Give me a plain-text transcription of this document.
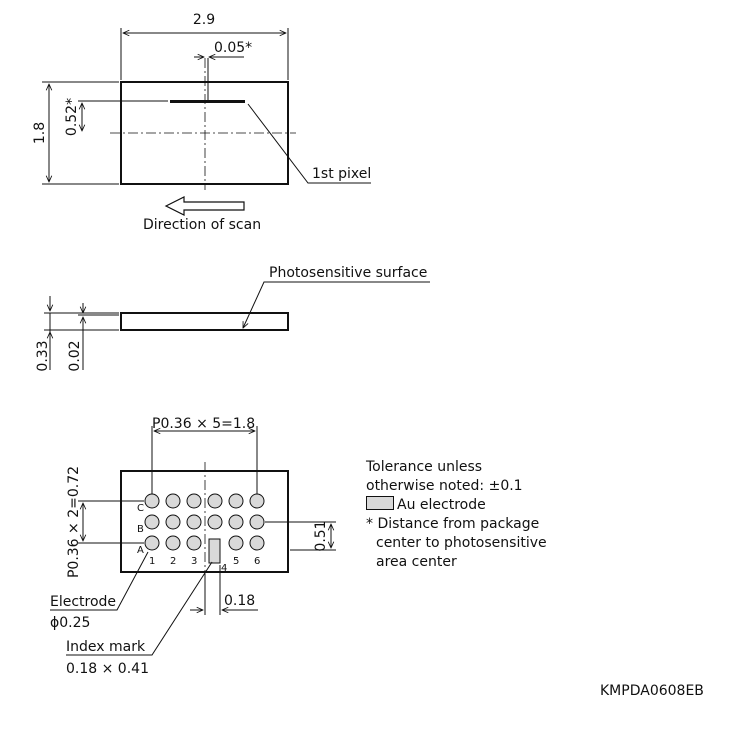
2.9
0.05*
1.8 0.52*
1st pixel
Direction of scan
0.33 0.02
Photosensitive surface
P0.36 × 5=1.8
P0.36 × 2=0.72	0.51
C
B
A
1 2 3
4
5 6
0.18
Electrode
ϕ0.25
Index mark
0.18 × 0.41
Tolerance unless
otherwise noted: ±0.1
Au electrode
* Distance from package
center to photosensitive
area center
KMPDA0608EB
